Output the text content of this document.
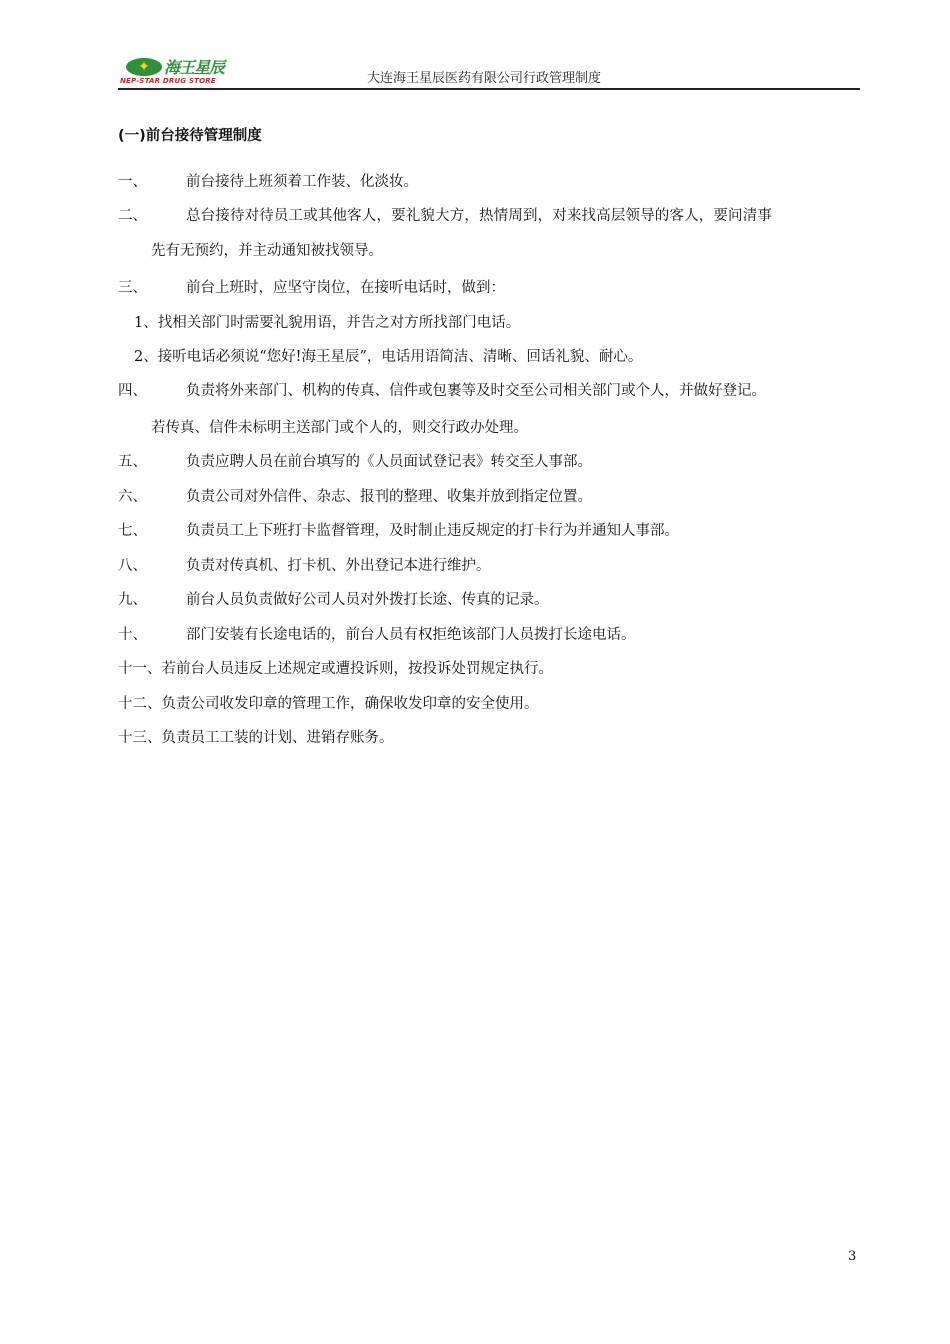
✦ 海王星辰
NEP-STAR DRUG STORE	大连海王星辰医药有限公司行政管理制度
(一)前台接待管理制度
一、	前台接待上班须着工作装、化淡妆。
二、	总台接待对待员工或其他客人，要礼貌大方，热情周到，对来找高层领导的客人，要问清事
先有无预约，并主动通知被找领导。
三、	前台上班时，应坚守岗位，在接听电话时，做到：
1、找相关部门时需要礼貌用语，并告之对方所找部门电话。
2、接听电话必须说“您好!海王星辰”，电话用语简洁、清晰、回话礼貌、耐心。
四、	负责将外来部门、机构的传真、信件或包裹等及时交至公司相关部门或个人，并做好登记。
若传真、信件未标明主送部门或个人的，则交行政办处理。
五、	负责应聘人员在前台填写的《人员面试登记表》转交至人事部。
六、	负责公司对外信件、杂志、报刊的整理、收集并放到指定位置。
七、	负责员工上下班打卡监督管理，及时制止违反规定的打卡行为并通知人事部。
八、	负责对传真机、打卡机、外出登记本进行维护。
九、	前台人员负责做好公司人员对外拨打长途、传真的记录。
十、	部门安装有长途电话的，前台人员有权拒绝该部门人员拨打长途电话。
十一、若前台人员违反上述规定或遭投诉则，按投诉处罚规定执行。
十二、负责公司收发印章的管理工作，确保收发印章的安全使用。
十三、负责员工工装的计划、进销存账务。
3
